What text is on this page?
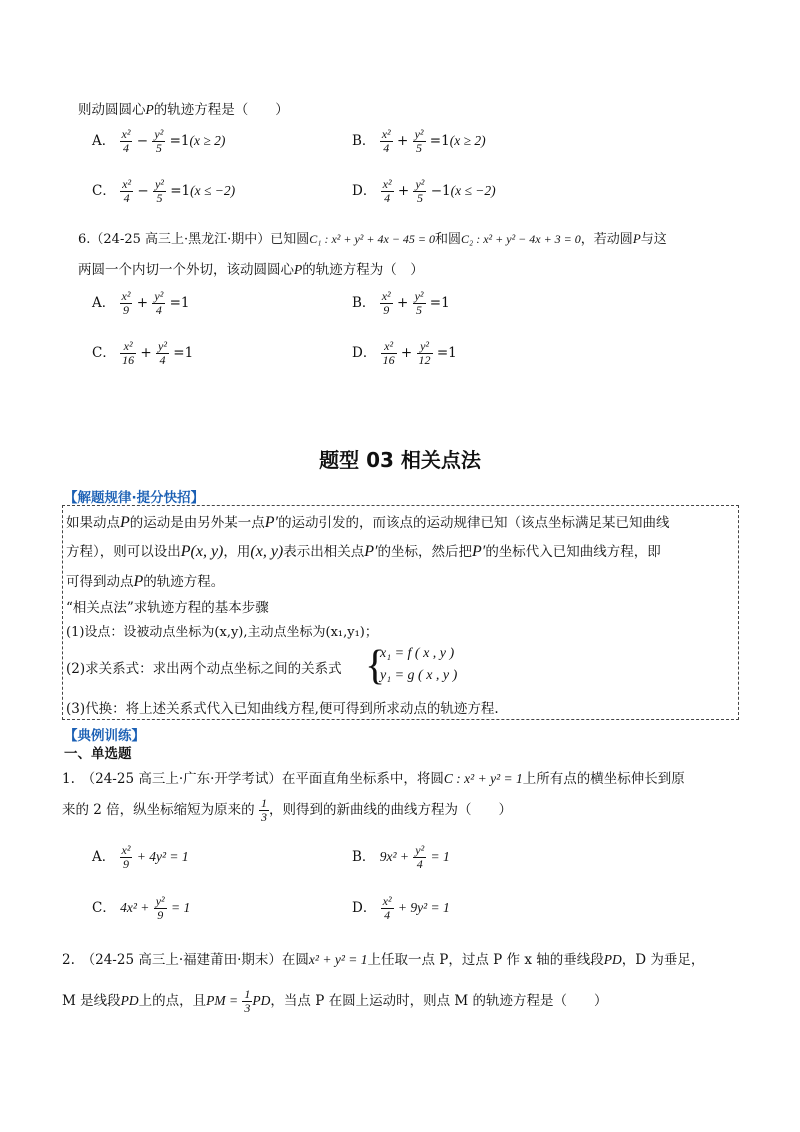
则动圆圆心P的轨迹方程是（　　）
A． $\frac{\text{x²}}{4} - \frac{\text{y²}}{5} =1(x \ge 2)$	B． $\frac{\text{x²}}{4} + \frac{\text{y²}}{5} =1(x \ge 2)$
C． $\frac{\text{x²}}{4} - \frac{\text{y²}}{5} =1(x \le -2)$	D． $\frac{\text{x²}}{4} + \frac{\text{y²}}{5} -1(x \le -2)$
6.（24-25 高三上·黑龙江·期中）已知圆C₁ : x² + y² + 4x − 45 = 0和圆C₂ : x² + y² − 4x + 3 = 0，若动圆P与这
两圆一个内切一个外切，该动圆圆心P的轨迹方程为（　）
A． $\frac{\text{x²}}{9} + \frac{\text{y²}}{4} =1$	B． $\frac{\text{x²}}{9} + \frac{\text{y²}}{5} =1$
C． $\frac{\text{x²}}{16} + \frac{\text{y²}}{4} =1$	D． $\frac{\text{x²}}{16} + \frac{\text{y²}}{12} =1$
题型 03 相关点法
【解题规律·提分快招】
如果动点P的运动是由另外某一点P′的运动引发的，而该点的运动规律已知（该点坐标满足某已知曲线
方程），则可以设出P(x, y)，用(x, y)表示出相关点P′的坐标，然后把P′的坐标代入已知曲线方程，即
可得到动点P的轨迹方程。
“相关点法”求轨迹方程的基本步骤
(1)设点：设被动点坐标为(x,y),主动点坐标为(x₁,y₁)；
(2)求关系式：求出两个动点坐标之间的关系式 {
x₁ = f ( x , y )
y₁ = g ( x , y )
(3)代换：将上述关系式代入已知曲线方程,便可得到所求动点的轨迹方程.
【典例训练】
一、单选题
1.　（24-25 高三上·广东·开学考试）在平面直角坐标系中，将圆C : x² + y² = 1上所有点的横坐标伸长到原
来的 2 倍，纵坐标缩短为原来的 $\frac{1}{3}$ ，则得到的新曲线的曲线方程为（　　）
A． $\frac{\text{x²}}{9} + 4y^2 = 1$	B． $9x^2 + \frac{\text{y²}}{4} = 1$
C． $4x^2 + \frac{\text{y²}}{9} = 1$	D． $\frac{\text{x²}}{4} + 9y^2 = 1$
2.　（24-25 高三上·福建莆田·期末）在圆x² + y² = 1上任取一点 P，过点 P 作 x 轴的垂线段PD，D 为垂足，
M 是线段PD上的点，且PM = $\frac{1}{3}$ PD，当点 P 在圆上运动时，则点 M 的轨迹方程是（　　）
